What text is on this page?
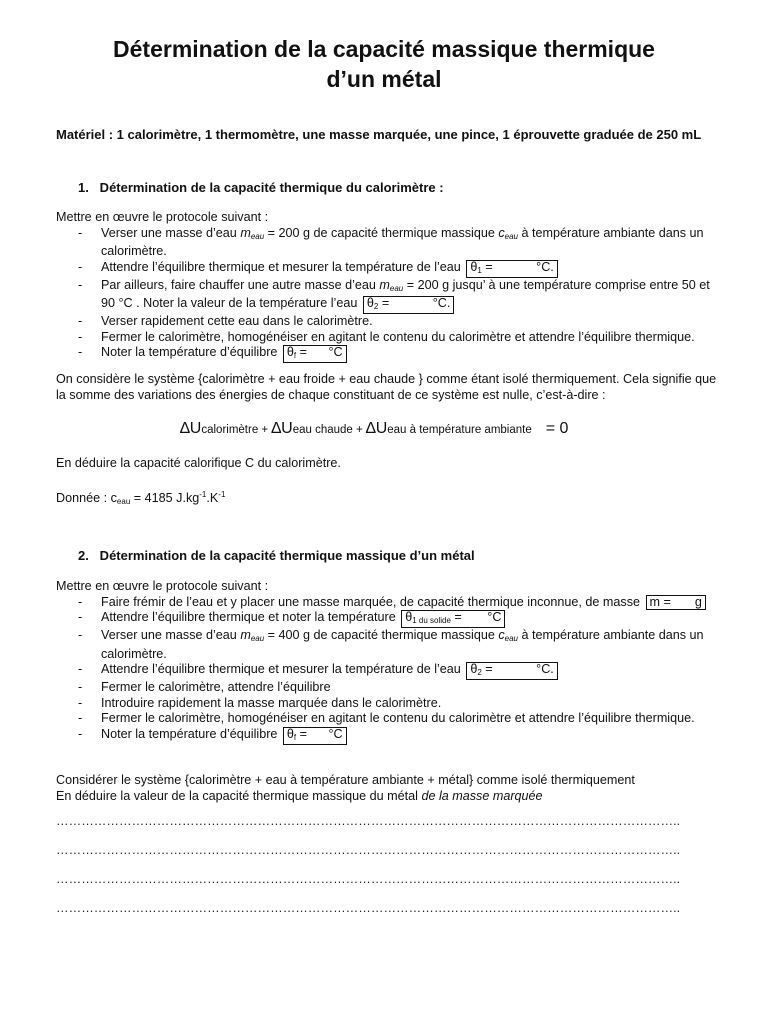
Détermination de la capacité massique thermique
d’un métal
Matériel : 1 calorimètre, 1 thermomètre, une masse marquée, une pince, 1 éprouvette graduée de 250 mL
1.   Détermination de la capacité thermique du calorimètre :
Mettre en œuvre le protocole suivant :
- Verser une masse d’eau $m_{eau} = 200$ g de capacité thermique massique $c_{eau}$ à température ambiante dans un calorimètre.
- Attendre l’équilibre thermique et mesurer la température de l’eau $\theta_1$ =	°C.
- Par ailleurs, faire chauffer une autre masse d’eau $m_{eau} = 200$ g jusqu’ à une température comprise entre 50 et 90 °C . Noter la valeur de la température l’eau $\theta_2$ =	°C.
- Verser rapidement cette eau dans le calorimètre.
- Fermer le calorimètre, homogénéiser en agitant le contenu du calorimètre et attendre l’équilibre thermique.
- Noter la température d’équilibre $\theta_f = ^\circ C$
On considère le système {calorimètre + eau froide + eau chaude } comme étant isolé thermiquement. Cela signifie que la somme des variations des énergies de chaque constituant de ce système est nulle, c’est-à-dire :
∆Ucalorimètre + ∆Ueau chaude + ∆Ueau à température ambiante = 0
En déduire la capacité calorifique C du calorimètre.
Donnée : $c_{eau} = 4185$ $J.kg^{-1}.K^{-1}$
2.   Détermination de la capacité thermique massique d’un métal
Mettre en œuvre le protocole suivant :
- Faire frémir de l’eau et y placer une masse marquée, de capacité thermique inconnue, de masse m = g
- Attendre l’équilibre thermique et noter la température $\theta_{1 du solide} = ^\circ C$
- Verser une masse d’eau $m_{eau} = 400$ g de capacité thermique massique $c_{eau}$ à température ambiante dans un calorimètre.
- Attendre l’équilibre thermique et mesurer la température de l’eau $\theta_2$ =	°C.
- Fermer le calorimètre, attendre l’équilibre
- Introduire rapidement la masse marquée dans le calorimètre.
- Fermer le calorimètre, homogénéiser en agitant le contenu du calorimètre et attendre l’équilibre thermique.
- Noter la température d’équilibre $\theta_f = ^\circ C$
Considérer le système {calorimètre + eau à température ambiante + métal} comme isolé thermiquement
En déduire la valeur de la capacité thermique massique du métal de la masse marquée
…………………………………………………………………………………………………………………………………..
…………………………………………………………………………………………………………………………………..
…………………………………………………………………………………………………………………………………..
…………………………………………………………………………………………………………………………………..
